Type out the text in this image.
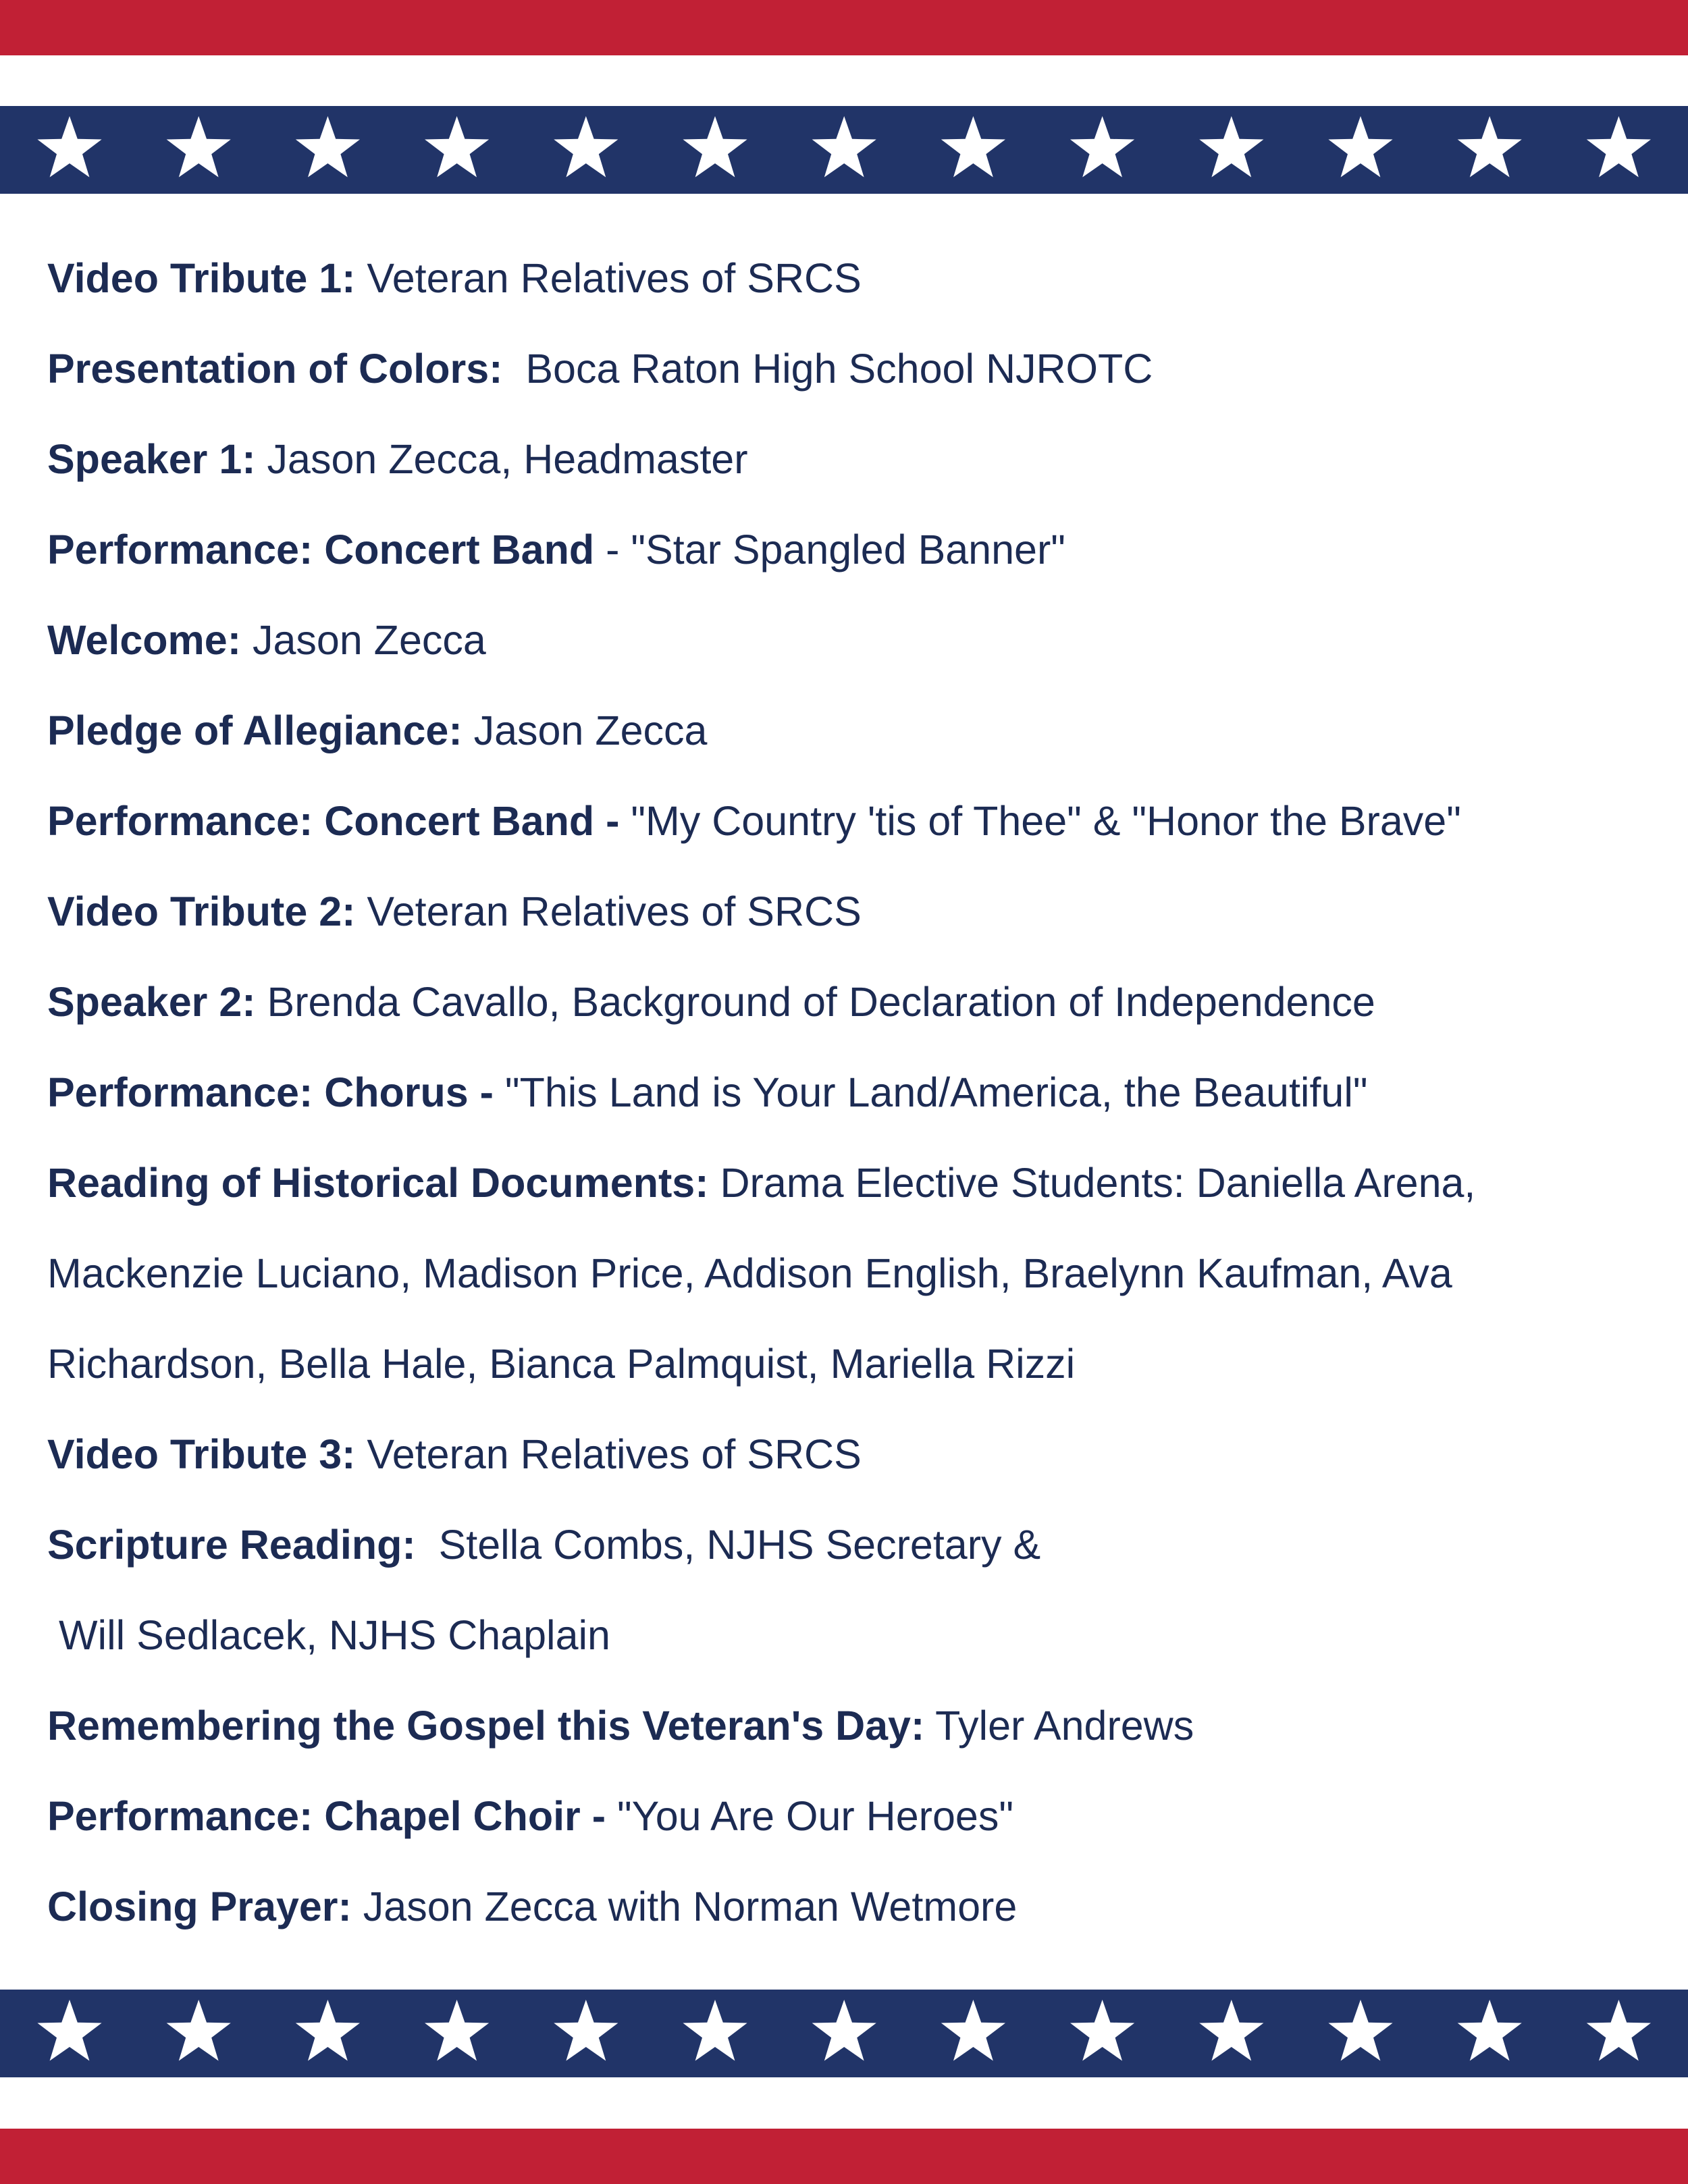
Video Tribute 1: Veteran Relatives of SRCS
Presentation of Colors:  Boca Raton High School NJROTC
Speaker 1: Jason Zecca, Headmaster
Performance: Concert Band - "Star Spangled Banner"
Welcome: Jason Zecca
Pledge of Allegiance: Jason Zecca
Performance: Concert Band - "My Country 'tis of Thee" & "Honor the Brave"
Video Tribute 2: Veteran Relatives of SRCS
Speaker 2: Brenda Cavallo, Background of Declaration of Independence
Performance: Chorus - "This Land is Your Land/America, the Beautiful"
Reading of Historical Documents: Drama Elective Students: Daniella Arena,
Mackenzie Luciano, Madison Price, Addison English, Braelynn Kaufman, Ava
Richardson, Bella Hale, Bianca Palmquist, Mariella Rizzi
Video Tribute 3: Veteran Relatives of SRCS
Scripture Reading:  Stella Combs, NJHS Secretary &
Will Sedlacek, NJHS Chaplain
Remembering the Gospel this Veteran's Day: Tyler Andrews
Performance: Chapel Choir - "You Are Our Heroes"
Closing Prayer: Jason Zecca with Norman Wetmore
